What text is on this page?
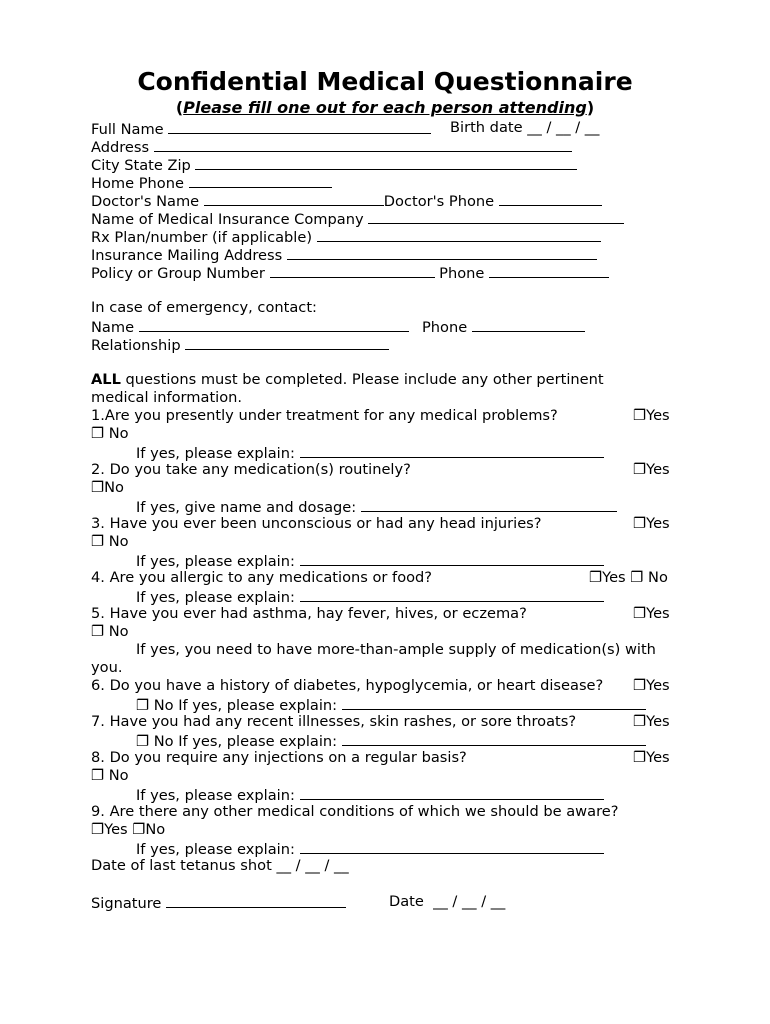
Confidential Medical Questionnaire
(Please fill one out for each person attending)
Full Name	Birth date __ / __ / __
Address
City State Zip
Home Phone
Doctor's Name	Doctor's Phone
Name of Medical Insurance Company
Rx Plan/number (if applicable)
Insurance Mailing Address
Policy or Group Number	Phone
In case of emergency, contact:
Name	Phone
Relationship
ALL questions must be completed. Please include any other pertinent
medical information.
1.Are you presently under treatment for any medical problems?	❐Yes
❐ No
If yes, please explain:
2. Do you take any medication(s) routinely?	❐Yes
❐No
If yes, give name and dosage:
3. Have you ever been unconscious or had any head injuries?	❐Yes
❐ No
If yes, please explain:
4. Are you allergic to any medications or food?	❐Yes ❐ No
If yes, please explain:
5. Have you ever had asthma, hay fever, hives, or eczema?	❐Yes
❐ No
If yes, you need to have more-than-ample supply of medication(s) with
you.
6. Do you have a history of diabetes, hypoglycemia, or heart disease? ❐Yes
❐ No If yes, please explain:
7. Have you had any recent illnesses, skin rashes, or sore throats?	❐Yes
❐ No If yes, please explain:
8. Do you require any injections on a regular basis?	❐Yes
❐ No
If yes, please explain:
9. Are there any other medical conditions of which we should be aware?
❐Yes ❐No
If yes, please explain:
Date of last tetanus shot __ / __ / __
Signature	Date __ / __ / __
